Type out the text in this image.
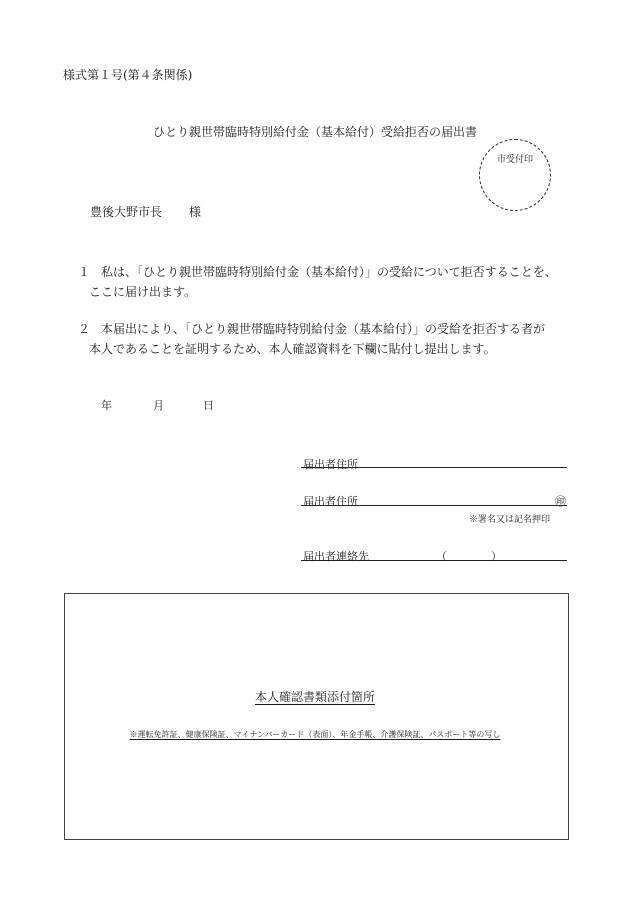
様式第１号(第４条関係)
ひとり親世帯臨時特別給付金（基本給付）受給拒否の届出書
市受付印
豊後大野市長 様
１ 私は、「ひとり親世帯臨時特別給付金（基本給付）」の受給について拒否することを、
ここに届け出ます。
２ 本届出により、「ひとり親世帯臨時特別給付金（基本給付）」の受給を拒否する者が
本人であることを証明するため、本人確認資料を下欄に貼付し提出します。
年	月	日
届出者住所
届出者住所	㊞
※署名又は記名押印
届出者連絡先	（	）
本人確認書類添付箇所
※運転免許証、健康保険証、マイナンバーカード（表面）、年金手帳、介護保険証、パスポート等の写し
